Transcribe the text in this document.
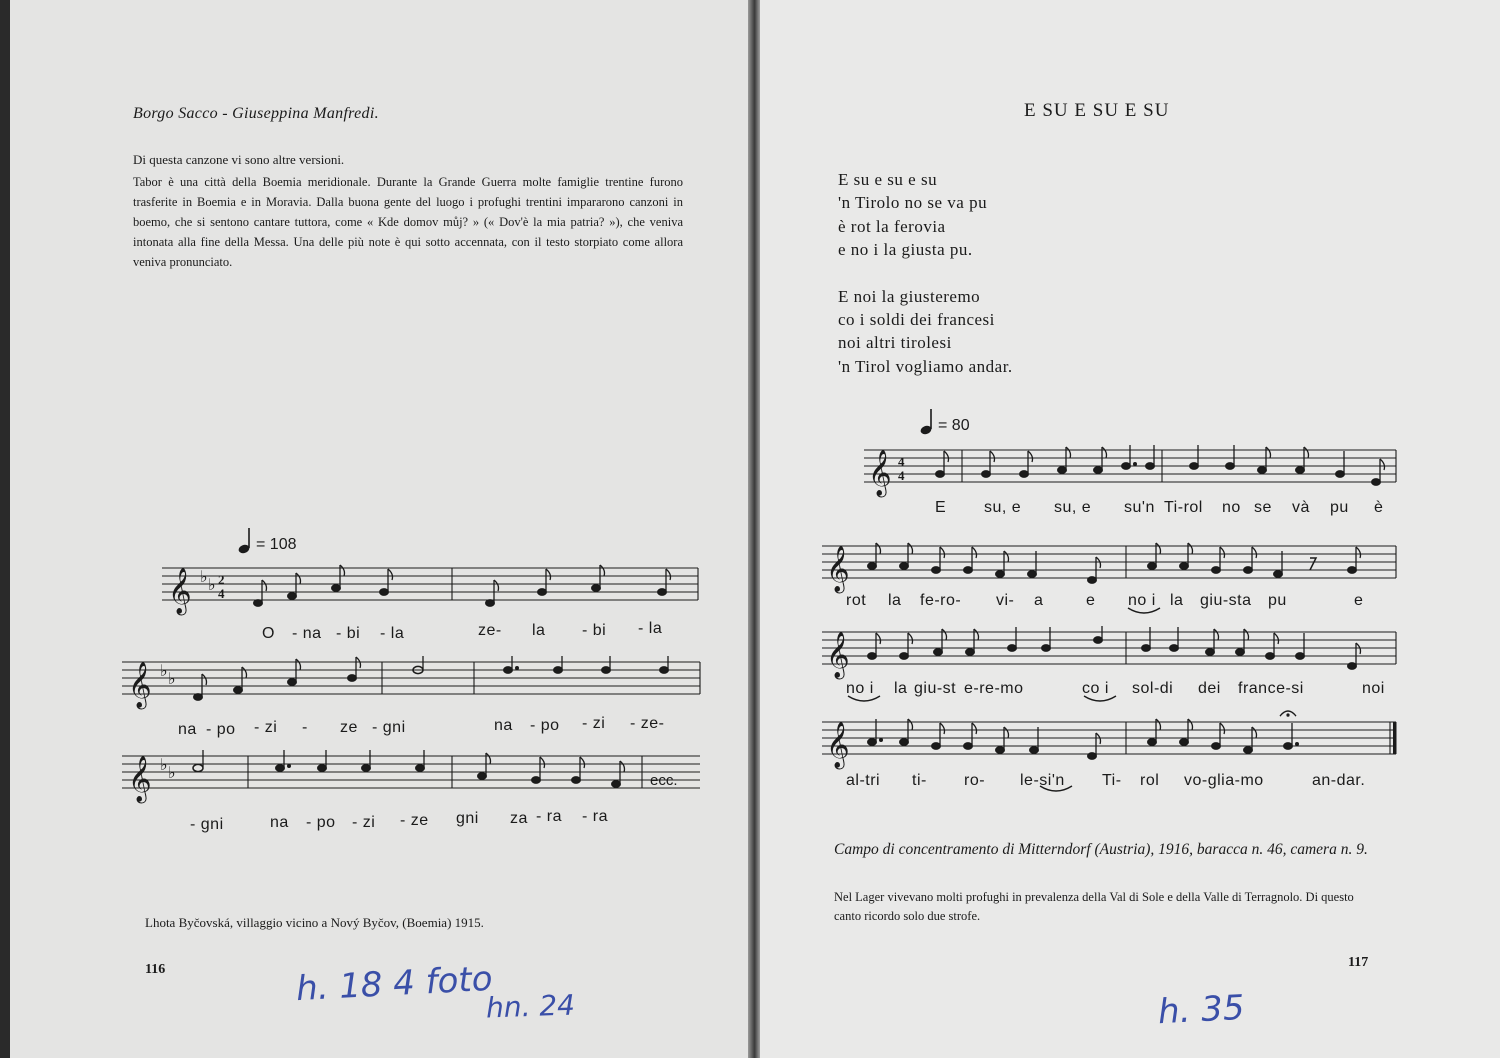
Borgo Sacco - Giuseppina Manfredi.
Di questa canzone vi sono altre versioni.
Tabor è una città della Boemia meridionale. Durante la Grande Guerra molte famiglie trentine furono trasferite in Boemia e in Moravia. Dalla buona gente del luogo i profughi trentini impararono canzoni in boemo, che si sentono cantare tuttora, come « Kde domov můj? » (« Dov'è la mia patria? »), che veniva intonata alla fine della Messa. Una delle più note è qui sotto accennata, con il testo storpiato come allora veniva pronunciato.
= 108
𝄞 ♭ ♭ 2
4
O - na - bi - la	ze- la - bi - la
𝄞 ♭ ♭
na - po - zi - ze - gni	na - po - zi - ze-
𝄞 ♭ ♭	ecc.
- gni	na - po - zi - ze gni za - ra - ra
Lhota Byčovská, villaggio vicino a Nový Byčov, (Boemia) 1915.
116	h. 18 4 foto
hn. 24
E SU E SU E SU
E su e su e su
'n Tirolo no se va pu
è rot la ferovia
e no i la giusta pu.
E noi la giusteremo
co i soldi dei francesi
noi altri tirolesi
'n Tirol vogliamo andar.
= 80
𝄞 4
4
E su, e su, e su'n Ti-rol no se và pu è
𝄞
rot la fe-ro- vi- a	e no i la giu-sta pu	e
𝄞
no i la giu-st e-re-mo	co i sol-di dei france-si	noi
𝄞
al-tri ti- ro- le-si'n Ti- rol vo-glia-mo	an-dar.
Campo di concentramento di Mitterndorf (Austria), 1916, baracca n. 46, camera n. 9.
Nel Lager vivevano molti profughi in prevalenza della Val di Sole e della Valle di Terragnolo. Di questo canto ricordo solo due strofe.
117
h. 35
